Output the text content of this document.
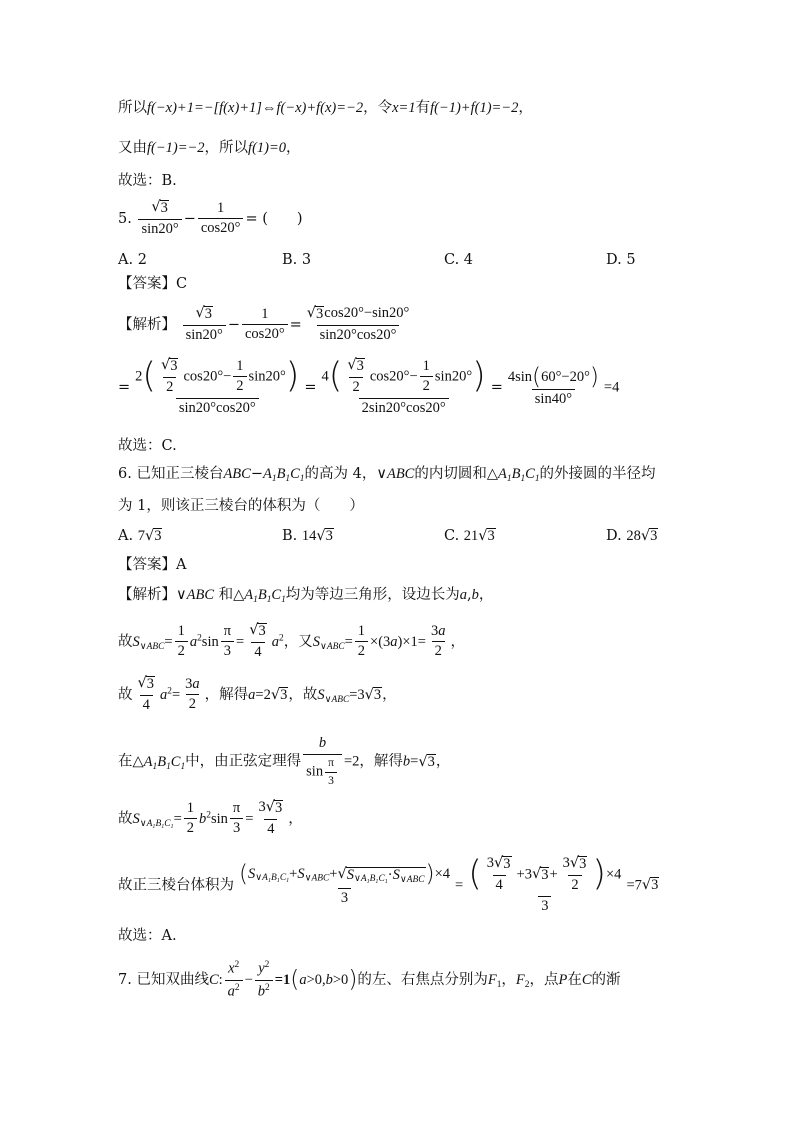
所以f(−x)+1=−[f(x)+1]⇔f(−x)+f(x)=−2，令x=1有f(−1)+f(1)=−2，
又由f(−1)=−2，所以f(1)=0，
故选：B.
5. $\frac{√ 3}{\sin 20^\circ} - \frac{1}{\cos 20^\circ}$ = (　　)
A. 2	B. 3	C. 4	D. 5
【答案】C
【解析】 $\frac{√ 3}{\sin 20^\circ} - \frac{1}{\cos 20^\circ} = \frac{√ 3 \cos 20^\circ-\sin 20^\circ}{\sin 20^\circ\cos 20^\circ}$
= $\frac{2( \frac{√ 3}{2} \cos 20^\circ- \frac{1}{2} \sin 20^\circ)}{\sin 20^\circ\cos 20^\circ} = \frac{4( \frac{√ 3}{2} \cos 20^\circ- \frac{1}{2} \sin 20^\circ)}{2\sin 20^\circ\cos 20^\circ} = \frac{4\sin(60^\circ-20^\circ)}{\sin 40^\circ} =4$
故选：C.
6. 已知正三棱台$ABC-A_1B_1C_1$的高为 4，∨ABC的内切圆和$\triangle A_1B_1C_1$的外接圆的半径均
为 1，则该正三棱台的体积为（　　）
A. 7 √ 3	B. 14 √ 3	C. 21 √ 3	D. 28 √ 3
【答案】A
【解析】∨ABC 和$\triangle A_1B_1C_1$均为等边三角形，设边长为a,b，
故$S_{\vee ABC}= \frac{1}{2} a^2\sin \frac{\pi}{3} = \frac{√ 3}{4} a^2$，又$S_{\vee ABC}= \frac{1}{2} \times(3a)\times 1= \frac{3a}{2}$ ，
故 $\frac{√ 3}{4} a^2= \frac{3a}{2}$ ，解得a=2 √ 3 ，故$S_{\vee ABC}=3$ √ 3 ，
在$\triangle A_1B_1C_1$中，由正弦定理得 $\frac{b}{\sin \frac{\pi}{3}} =2$，解得b= √ 3 ，
故$S_{\vee A_1B_1C_1}= \frac{1}{2} b^2\sin \frac{\pi}{3} = \frac{3 √ 3}{4}$ ，
故正三棱台体积为 $\frac{(S_{\vee A_1B_1C_1}+S_{\vee ABC}+ √ S_{\vee A_1B_1C_1}\cdot S_{\vee ABC} )\times 4}{3} = \frac{( \frac{3 √ 3}{4} +3 √ 3 + \frac{3 √ 3}{2} )\times 4}{3} =7$ √ 3
故选：A.
7. 已知双曲线C: $\frac{x^2}{a^2} - \frac{y^2}{b^2} =1(a>0,b>0)$的左、右焦点分别为$F_1$，$F_2$，点P在C的渐
